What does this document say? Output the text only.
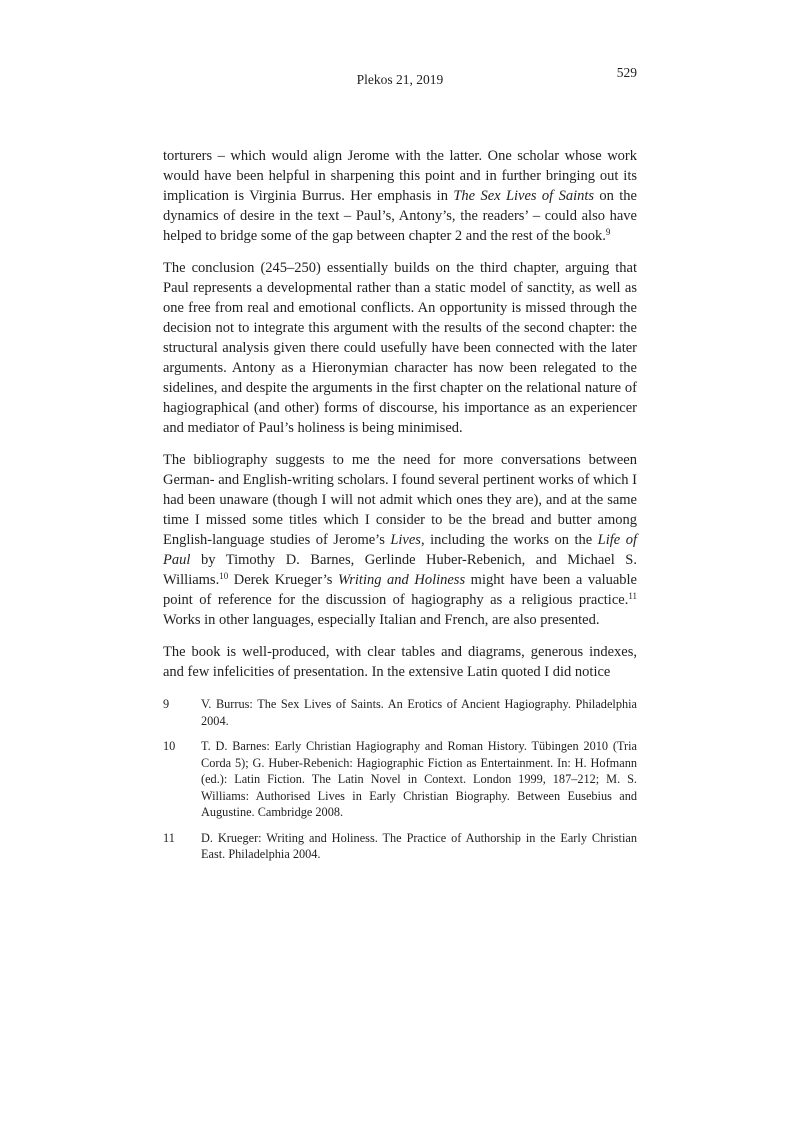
Plekos 21, 2019	529

torturers – which would align Jerome with the latter. One scholar whose work would have been helpful in sharpening this point and in further bringing out its implication is Virginia Burrus. Her emphasis in The Sex Lives of Saints on the dynamics of desire in the text – Paul’s, Antony’s, the readers’ – could also have helped to bridge some of the gap between chapter 2 and the rest of the book.$^9$

The conclusion (245–250) essentially builds on the third chapter, arguing that Paul represents a developmental rather than a static model of sanctity, as well as one free from real and emotional conflicts. An opportunity is missed through the decision not to integrate this argument with the results of the second chapter: the structural analysis given there could usefully have been connected with the later arguments. Antony as a Hieronymian character has now been relegated to the sidelines, and despite the arguments in the first chapter on the relational nature of hagiographical (and other) forms of discourse, his importance as an experiencer and mediator of Paul’s holiness is being minimised.

The bibliography suggests to me the need for more conversations between German- and English-writing scholars. I found several pertinent works of which I had been unaware (though I will not admit which ones they are), and at the same time I missed some titles which I consider to be the bread and butter among English-language studies of Jerome’s Lives, including the works on the Life of Paul by Timothy D. Barnes, Gerlinde Huber-Rebenich, and Michael S. Williams.$^{10}$ Derek Krueger’s Writing and Holiness might have been a valuable point of reference for the discussion of hagiography as a religious practice.$^{11}$ Works in other languages, especially Italian and French, are also presented.

The book is well-produced, with clear tables and diagrams, generous indexes, and few infelicities of presentation. In the extensive Latin quoted I did notice

9	V. Burrus: The Sex Lives of Saints. An Erotics of Ancient Hagiography. Philadelphia 2004.
10	T. D. Barnes: Early Christian Hagiography and Roman History. Tübingen 2010 (Tria Corda 5); G. Huber-Rebenich: Hagiographic Fiction as Entertainment. In: H. Hofmann (ed.): Latin Fiction. The Latin Novel in Context. London 1999, 187–212; M. S. Williams: Authorised Lives in Early Christian Biography. Between Eusebius and Augustine. Cambridge 2008.
11	D. Krueger: Writing and Holiness. The Practice of Authorship in the Early Christian East. Philadelphia 2004.
